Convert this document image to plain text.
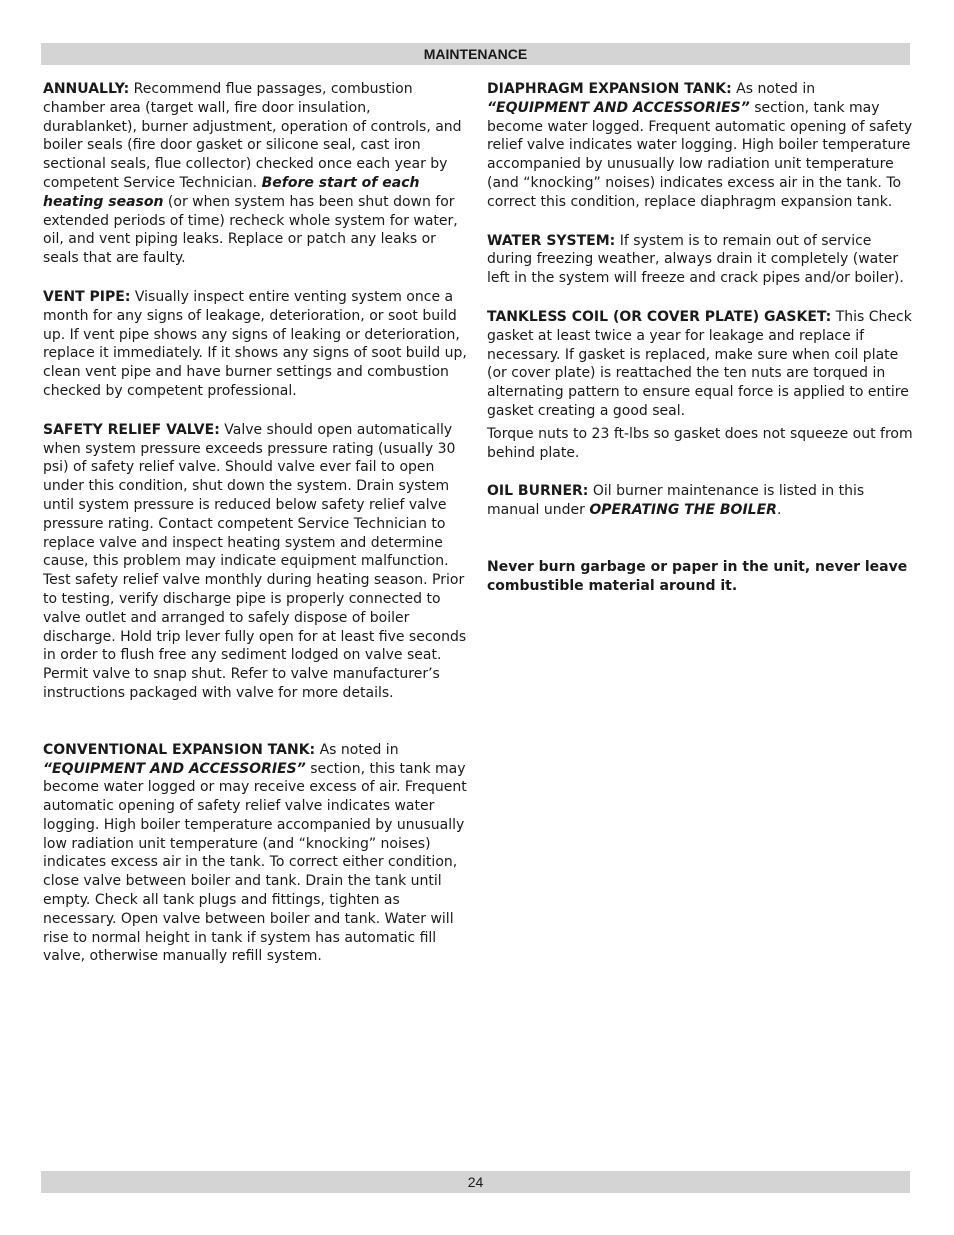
MAINTENANCE

ANNUALLY: Recommend flue passages, combustion chamber area (target wall, fire door insulation, durablanket), burner adjustment, operation of controls, and boiler seals (fire door gasket or silicone seal, cast iron sectional seals, flue collector) checked once each year by competent Service Technician. Before start of each heating season (or when system has been shut down for extended periods of time) recheck whole system for water, oil, and vent piping leaks. Replace or patch any leaks or seals that are faulty.

VENT PIPE: Visually inspect entire venting system once a month for any signs of leakage, deterioration, or soot build up. If vent pipe shows any signs of leaking or deterioration, replace it immediately. If it shows any signs of soot build up, clean vent pipe and have burner settings and combustion checked by competent professional.

SAFETY RELIEF VALVE: Valve should open automatically when system pressure exceeds pressure rating (usually 30 psi) of safety relief valve. Should valve ever fail to open under this condition, shut down the system. Drain system until system pressure is reduced below safety relief valve pressure rating. Contact competent Service Technician to replace valve and inspect heating system and determine cause, this problem may indicate equipment malfunction. Test safety relief valve monthly during heating season. Prior to testing, verify discharge pipe is properly connected to valve outlet and arranged to safely dispose of boiler discharge. Hold trip lever fully open for at least five seconds in order to flush free any sediment lodged on valve seat. Permit valve to snap shut. Refer to valve manufacturer’s instructions packaged with valve for more details.

CONVENTIONAL EXPANSION TANK: As noted in “EQUIPMENT AND ACCESSORIES” section, this tank may become water logged or may receive excess of air. Frequent automatic opening of safety relief valve indicates water logging. High boiler temperature accompanied by unusually low radiation unit temperature (and “knocking” noises) indicates excess air in the tank. To correct either condition, close valve between boiler and tank. Drain the tank until empty. Check all tank plugs and fittings, tighten as necessary. Open valve between boiler and tank. Water will rise to normal height in tank if system has automatic fill valve, otherwise manually refill system.

DIAPHRAGM EXPANSION TANK: As noted in “EQUIPMENT AND ACCESSORIES” section, tank may become water logged. Frequent automatic opening of safety relief valve indicates water logging. High boiler temperature accompanied by unusually low radiation unit temperature (and “knocking” noises) indicates excess air in the tank. To correct this condition, replace diaphragm expansion tank.

WATER SYSTEM: If system is to remain out of service during freezing weather, always drain it completely (water left in the system will freeze and crack pipes and/or boiler).

TANKLESS COIL (OR COVER PLATE) GASKET: This Check gasket at least twice a year for leakage and replace if necessary. If gasket is replaced, make sure when coil plate (or cover plate) is reattached the ten nuts are torqued in alternating pattern to ensure equal force is applied to entire gasket creating a good seal.

Torque nuts to 23 ft-lbs so gasket does not squeeze out from behind plate.

OIL BURNER: Oil burner maintenance is listed in this manual under OPERATING THE BOILER.

Never burn garbage or paper in the unit, never leave combustible material around it.

24
